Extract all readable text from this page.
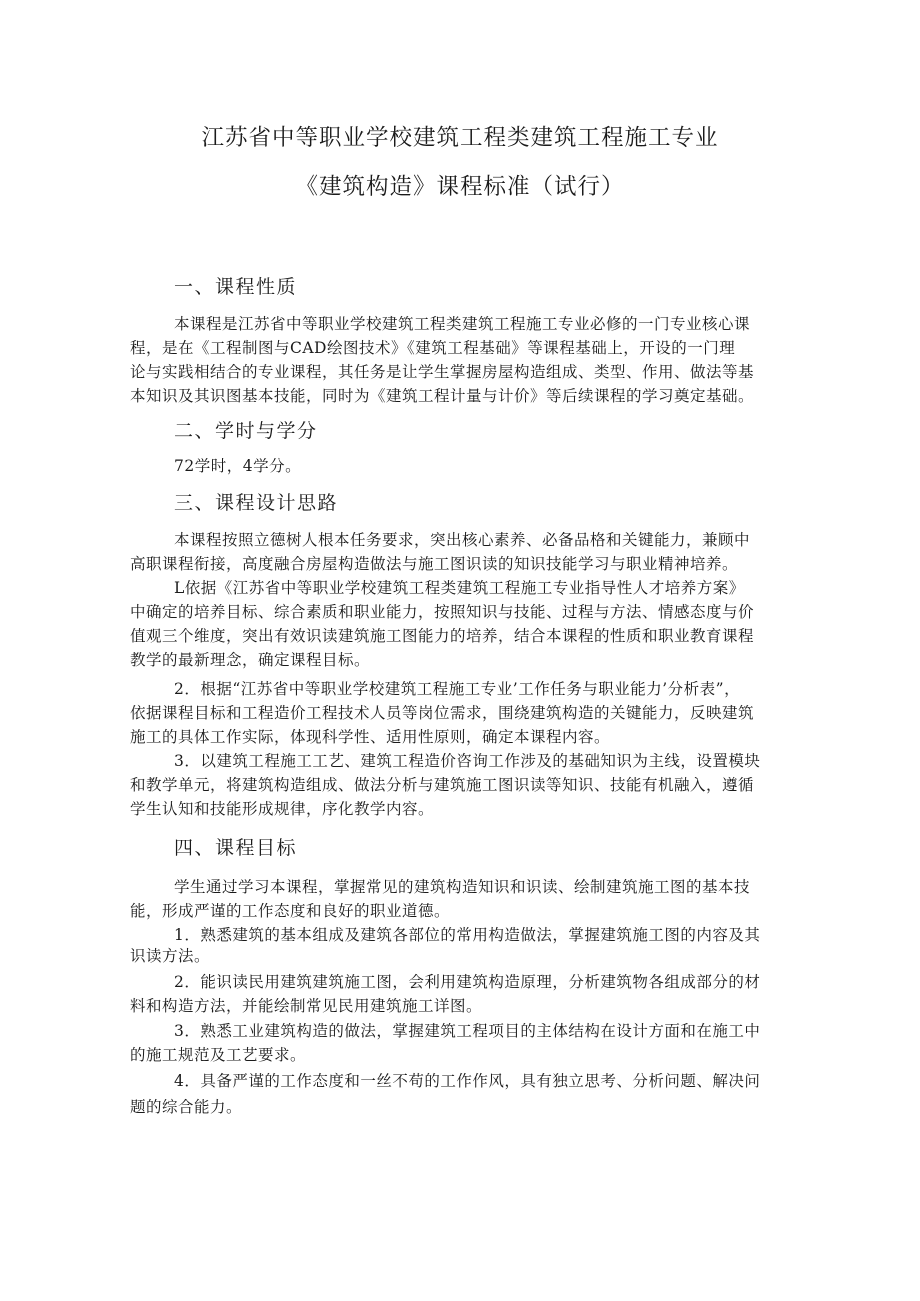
江苏省中等职业学校建筑工程类建筑工程施工专业
《建筑构造》课程标准（试行）
一、课程性质
本课程是江苏省中等职业学校建筑工程类建筑工程施工专业必修的一门专业核心课
程，是在《工程制图与CAD绘图技术》《建筑工程基础》等课程基础上，开设的一门理
论与实践相结合的专业课程，其任务是让学生掌握房屋构造组成、类型、作用、做法等基
本知识及其识图基本技能，同时为《建筑工程计量与计价》等后续课程的学习奠定基础。
二、学时与学分
72学时，4学分。
三、课程设计思路
本课程按照立德树人根本任务要求，突出核心素养、必备品格和关键能力，兼顾中
高职课程衔接，高度融合房屋构造做法与施工图识读的知识技能学习与职业精神培养。
L依据《江苏省中等职业学校建筑工程类建筑工程施工专业指导性人才培养方案》
中确定的培养目标、综合素质和职业能力，按照知识与技能、过程与方法、情感态度与价
值观三个维度，突出有效识读建筑施工图能力的培养，结合本课程的性质和职业教育课程
教学的最新理念，确定课程目标。
2．根据“江苏省中等职业学校建筑工程施工专业’工作任务与职业能力’分析表”，
依据课程目标和工程造价工程技术人员等岗位需求，围绕建筑构造的关键能力，反映建筑
施工的具体工作实际，体现科学性、适用性原则，确定本课程内容。
3．以建筑工程施工工艺、建筑工程造价咨询工作涉及的基础知识为主线，设置模块
和教学单元，将建筑构造组成、做法分析与建筑施工图识读等知识、技能有机融入，遵循
学生认知和技能形成规律，序化教学内容。
四、课程目标
学生通过学习本课程，掌握常见的建筑构造知识和识读、绘制建筑施工图的基本技
能，形成严谨的工作态度和良好的职业道德。
1．熟悉建筑的基本组成及建筑各部位的常用构造做法，掌握建筑施工图的内容及其
识读方法。
2．能识读民用建筑建筑施工图，会利用建筑构造原理，分析建筑物各组成部分的材
料和构造方法，并能绘制常见民用建筑施工详图。
3．熟悉工业建筑构造的做法，掌握建筑工程项目的主体结构在设计方面和在施工中
的施工规范及工艺要求。
4．具备严谨的工作态度和一丝不苟的工作作风，具有独立思考、分析问题、解决问
题的综合能力。
